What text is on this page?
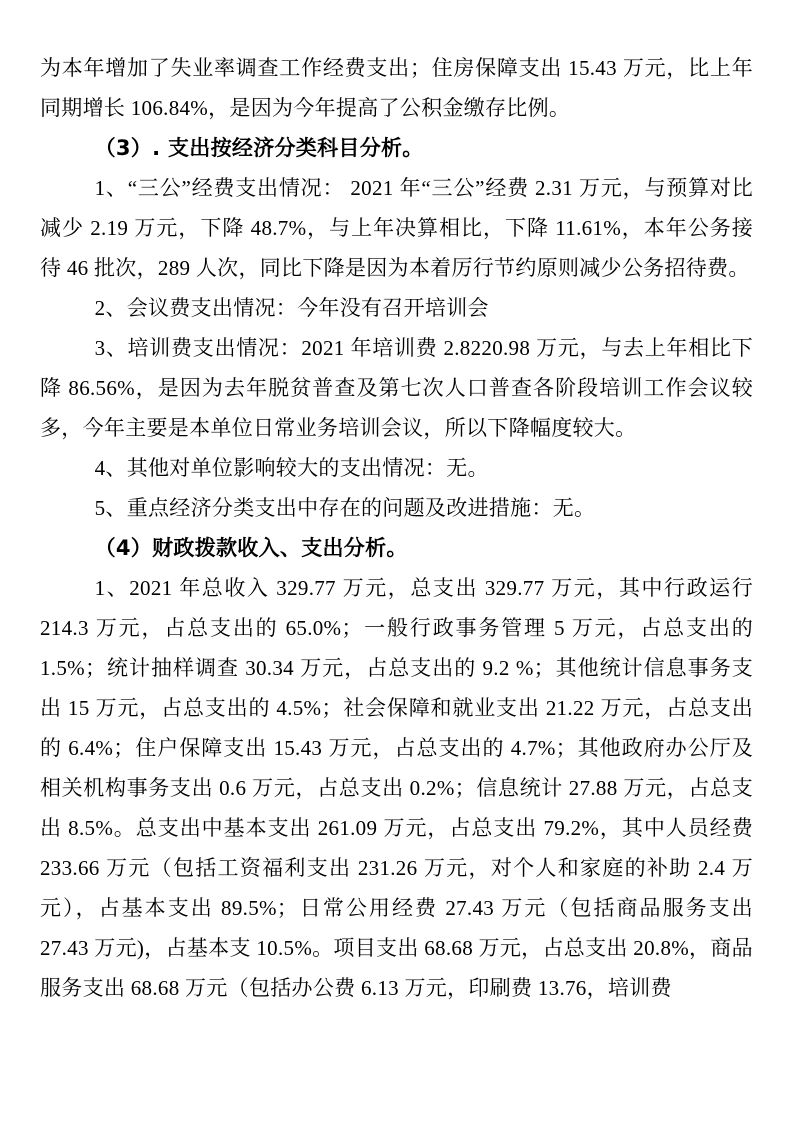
为本年增加了失业率调查工作经费支出；住房保障支出 15.43 万元，比上年同期增长 106.84%，是因为今年提高了公积金缴存比例。

（3）. 支出按经济分类科目分析。

1、“三公”经费支出情况： 2021 年“三公”经费 2.31 万元，与预算对比减少 2.19 万元，下降 48.7%，与上年决算相比，下降 11.61%，本年公务接待 46 批次，289 人次，同比下降是因为本着厉行节约原则减少公务招待费。

2、会议费支出情况：今年没有召开培训会

3、培训费支出情况：2021 年培训费 2.8220.98 万元，与去上年相比下降 86.56%，是因为去年脱贫普查及第七次人口普查各阶段培训工作会议较多，今年主要是本单位日常业务培训会议，所以下降幅度较大。

4、其他对单位影响较大的支出情况：无。

5、重点经济分类支出中存在的问题及改进措施：无。

（4）财政拨款收入、支出分析。

1、2021 年总收入 329.77 万元，总支出 329.77 万元，其中行政运行 214.3 万元，占总支出的 65.0%；一般行政事务管理 5 万元，占总支出的 1.5%；统计抽样调查 30.34 万元，占总支出的 9.2 %；其他统计信息事务支出 15 万元，占总支出的 4.5%；社会保障和就业支出 21.22 万元，占总支出的 6.4%；住户保障支出 15.43 万元，占总支出的 4.7%；其他政府办公厅及相关机构事务支出 0.6 万元，占总支出 0.2%；信息统计 27.88 万元，占总支出 8.5%。总支出中基本支出 261.09 万元，占总支出 79.2%，其中人员经费 233.66 万元（包括工资福利支出 231.26 万元，对个人和家庭的补助 2.4 万元），占基本支出 89.5%；日常公用经费 27.43 万元（包括商品服务支出 27.43 万元)，占基本支 10.5%。项目支出 68.68 万元，占总支出 20.8%，商品服务支出 68.68 万元（包括办公费 6.13 万元，印刷费 13.76，培训费
